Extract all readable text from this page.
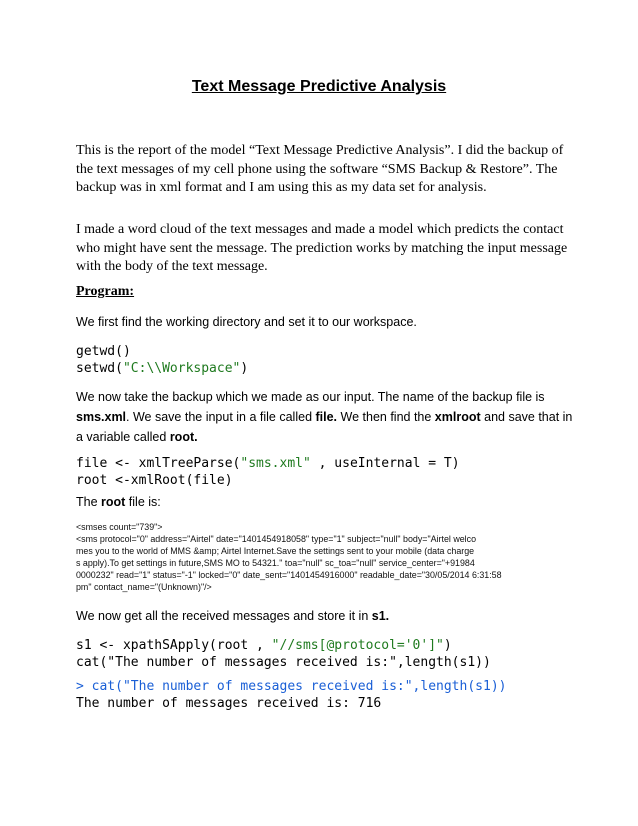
Text Message Predictive Analysis
This is the report of the model “Text Message Predictive Analysis”. I did the backup of the text messages of my cell phone using the software “SMS Backup & Restore”. The backup was in xml format and I am using this as my data set for analysis.
I made a word cloud of the text messages and made a model which predicts the contact who might have sent the message. The prediction works by matching the input message with the body of the text message.
Program:
We first find the working directory and set it to our workspace.
getwd()
setwd("C:\\Workspace")
We now take the backup which we made as our input. The name of the backup file is sms.xml. We save the input in a file called file. We then find the xmlroot and save that in a variable called root.
file <- xmlTreeParse("sms.xml" , useInternal = T)
root <-xmlRoot(file)
The root file is:
<smses count="739">
<sms protocol="0" address="Airtel" date="1401454918058" type="1" subject="null" body="Airtel welco
mes you to the world of MMS &amp; Airtel Internet.Save the settings sent to your mobile (data charge
s apply).To get settings in future,SMS MO to 54321." toa="null" sc_toa="null" service_center="+91984
0000232" read="1" status="-1" locked="0" date_sent="1401454916000" readable_date="30/05/2014 6:31:58
pm" contact_name="(Unknown)"/>
We now get all the received messages and store it in s1.
s1 <- xpathSApply(root , "//sms[@protocol='0']")
cat("The number of messages received is:",length(s1))
> cat("The number of messages received is:",length(s1))
The number of messages received is: 716
